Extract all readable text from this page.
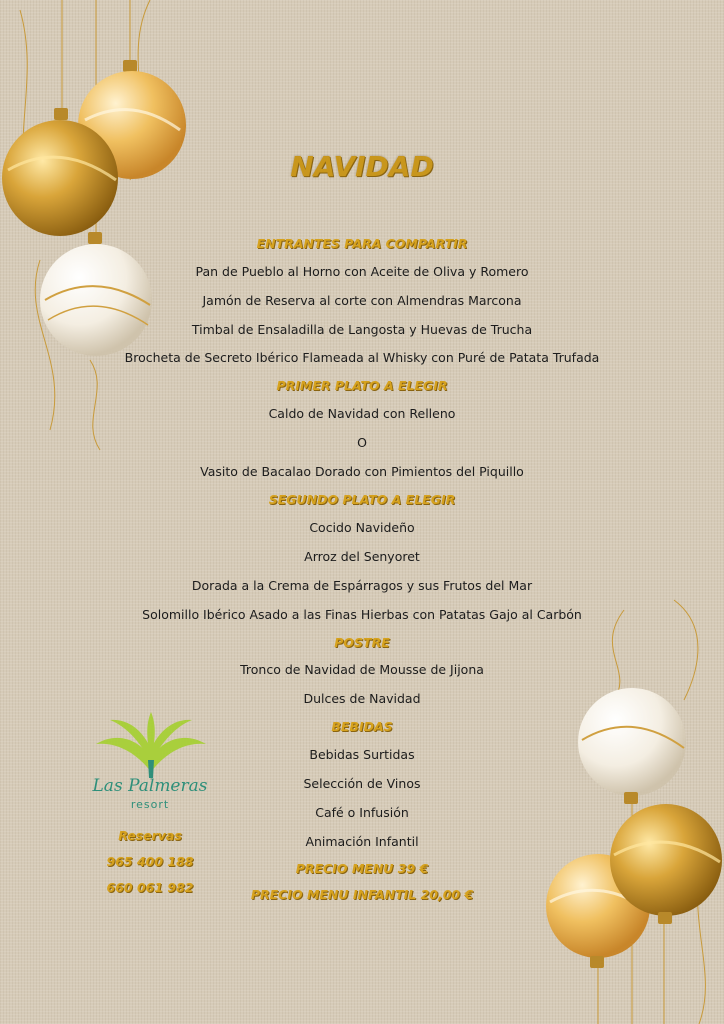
Las Palmeras
resort
Reservas
965 400 188
660 061 982
NAVIDAD
ENTRANTES PARA COMPARTIR
Pan de Pueblo al Horno con Aceite de Oliva y Romero
Jamón de Reserva al corte con Almendras Marcona
Timbal de Ensaladilla de Langosta y Huevas de Trucha
Brocheta de Secreto Ibérico Flameada al Whisky con Puré de Patata Trufada
PRIMER PLATO A ELEGIR
Caldo de Navidad con Relleno
O
Vasito de Bacalao Dorado con Pimientos del Piquillo
SEGUNDO PLATO A ELEGIR
Cocido Navideño
Arroz del Senyoret
Dorada a la Crema de Espárragos y sus Frutos del Mar
Solomillo Ibérico Asado a las Finas Hierbas con Patatas Gajo al Carbón
POSTRE
Tronco de Navidad de Mousse de Jijona
Dulces de Navidad
BEBIDAS
Bebidas Surtidas
Selección de Vinos
Café o Infusión
Animación Infantil
PRECIO MENU 39 €
PRECIO MENU INFANTIL 20,00 €
